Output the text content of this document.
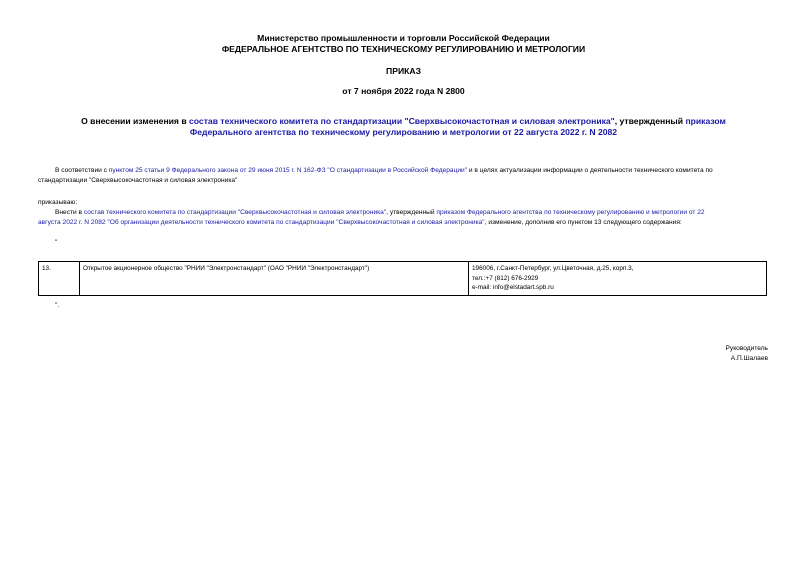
Министерство промышленности и торговли Российской Федерации
ФЕДЕРАЛЬНОЕ АГЕНТСТВО ПО ТЕХНИЧЕСКОМУ РЕГУЛИРОВАНИЮ И МЕТРОЛОГИИ
ПРИКАЗ
от 7 ноября 2022 года N 2800
О внесении изменения в состав технического комитета по стандартизации "Сверхвысокочастотная и силовая электроника", утвержденный приказом
Федерального агентства по техническому регулированию и метрологии от 22 августа 2022 г. N 2082
В соответствии с пунктом 25 статьи 9 Федерального закона от 29 июня 2015 г. N 162-ФЗ "О стандартизации в Российской Федерации" и в целях актуализации информации о деятельности технического комитета по
стандартизации "Сверхвысокочастотная и силовая электроника"
приказываю:
Внести в состав технического комитета по стандартизации "Сверхвысокочастотная и силовая электроника", утвержденный приказом Федерального агентства по техническому регулированию и метрологии от 22
августа 2022 г. N 2082 "Об организации деятельности технического комитета по стандартизации "Сверхвысокочастотная и силовая электроника", изменение, дополнив его пунктом 13 следующего содержания:
"
13.	Открытое акционерное общество "РНИИ "Электронстандарт" (ОАО "РНИИ "Электронстандарт")	196006, г.Санкт-Петербург, ул.Цветочная, д.25, корп.3,
тел.:+7 (812) 676-2929
e-mail: info@elstadart.spb.ru
".
Руководитель
А.П.Шалаев
